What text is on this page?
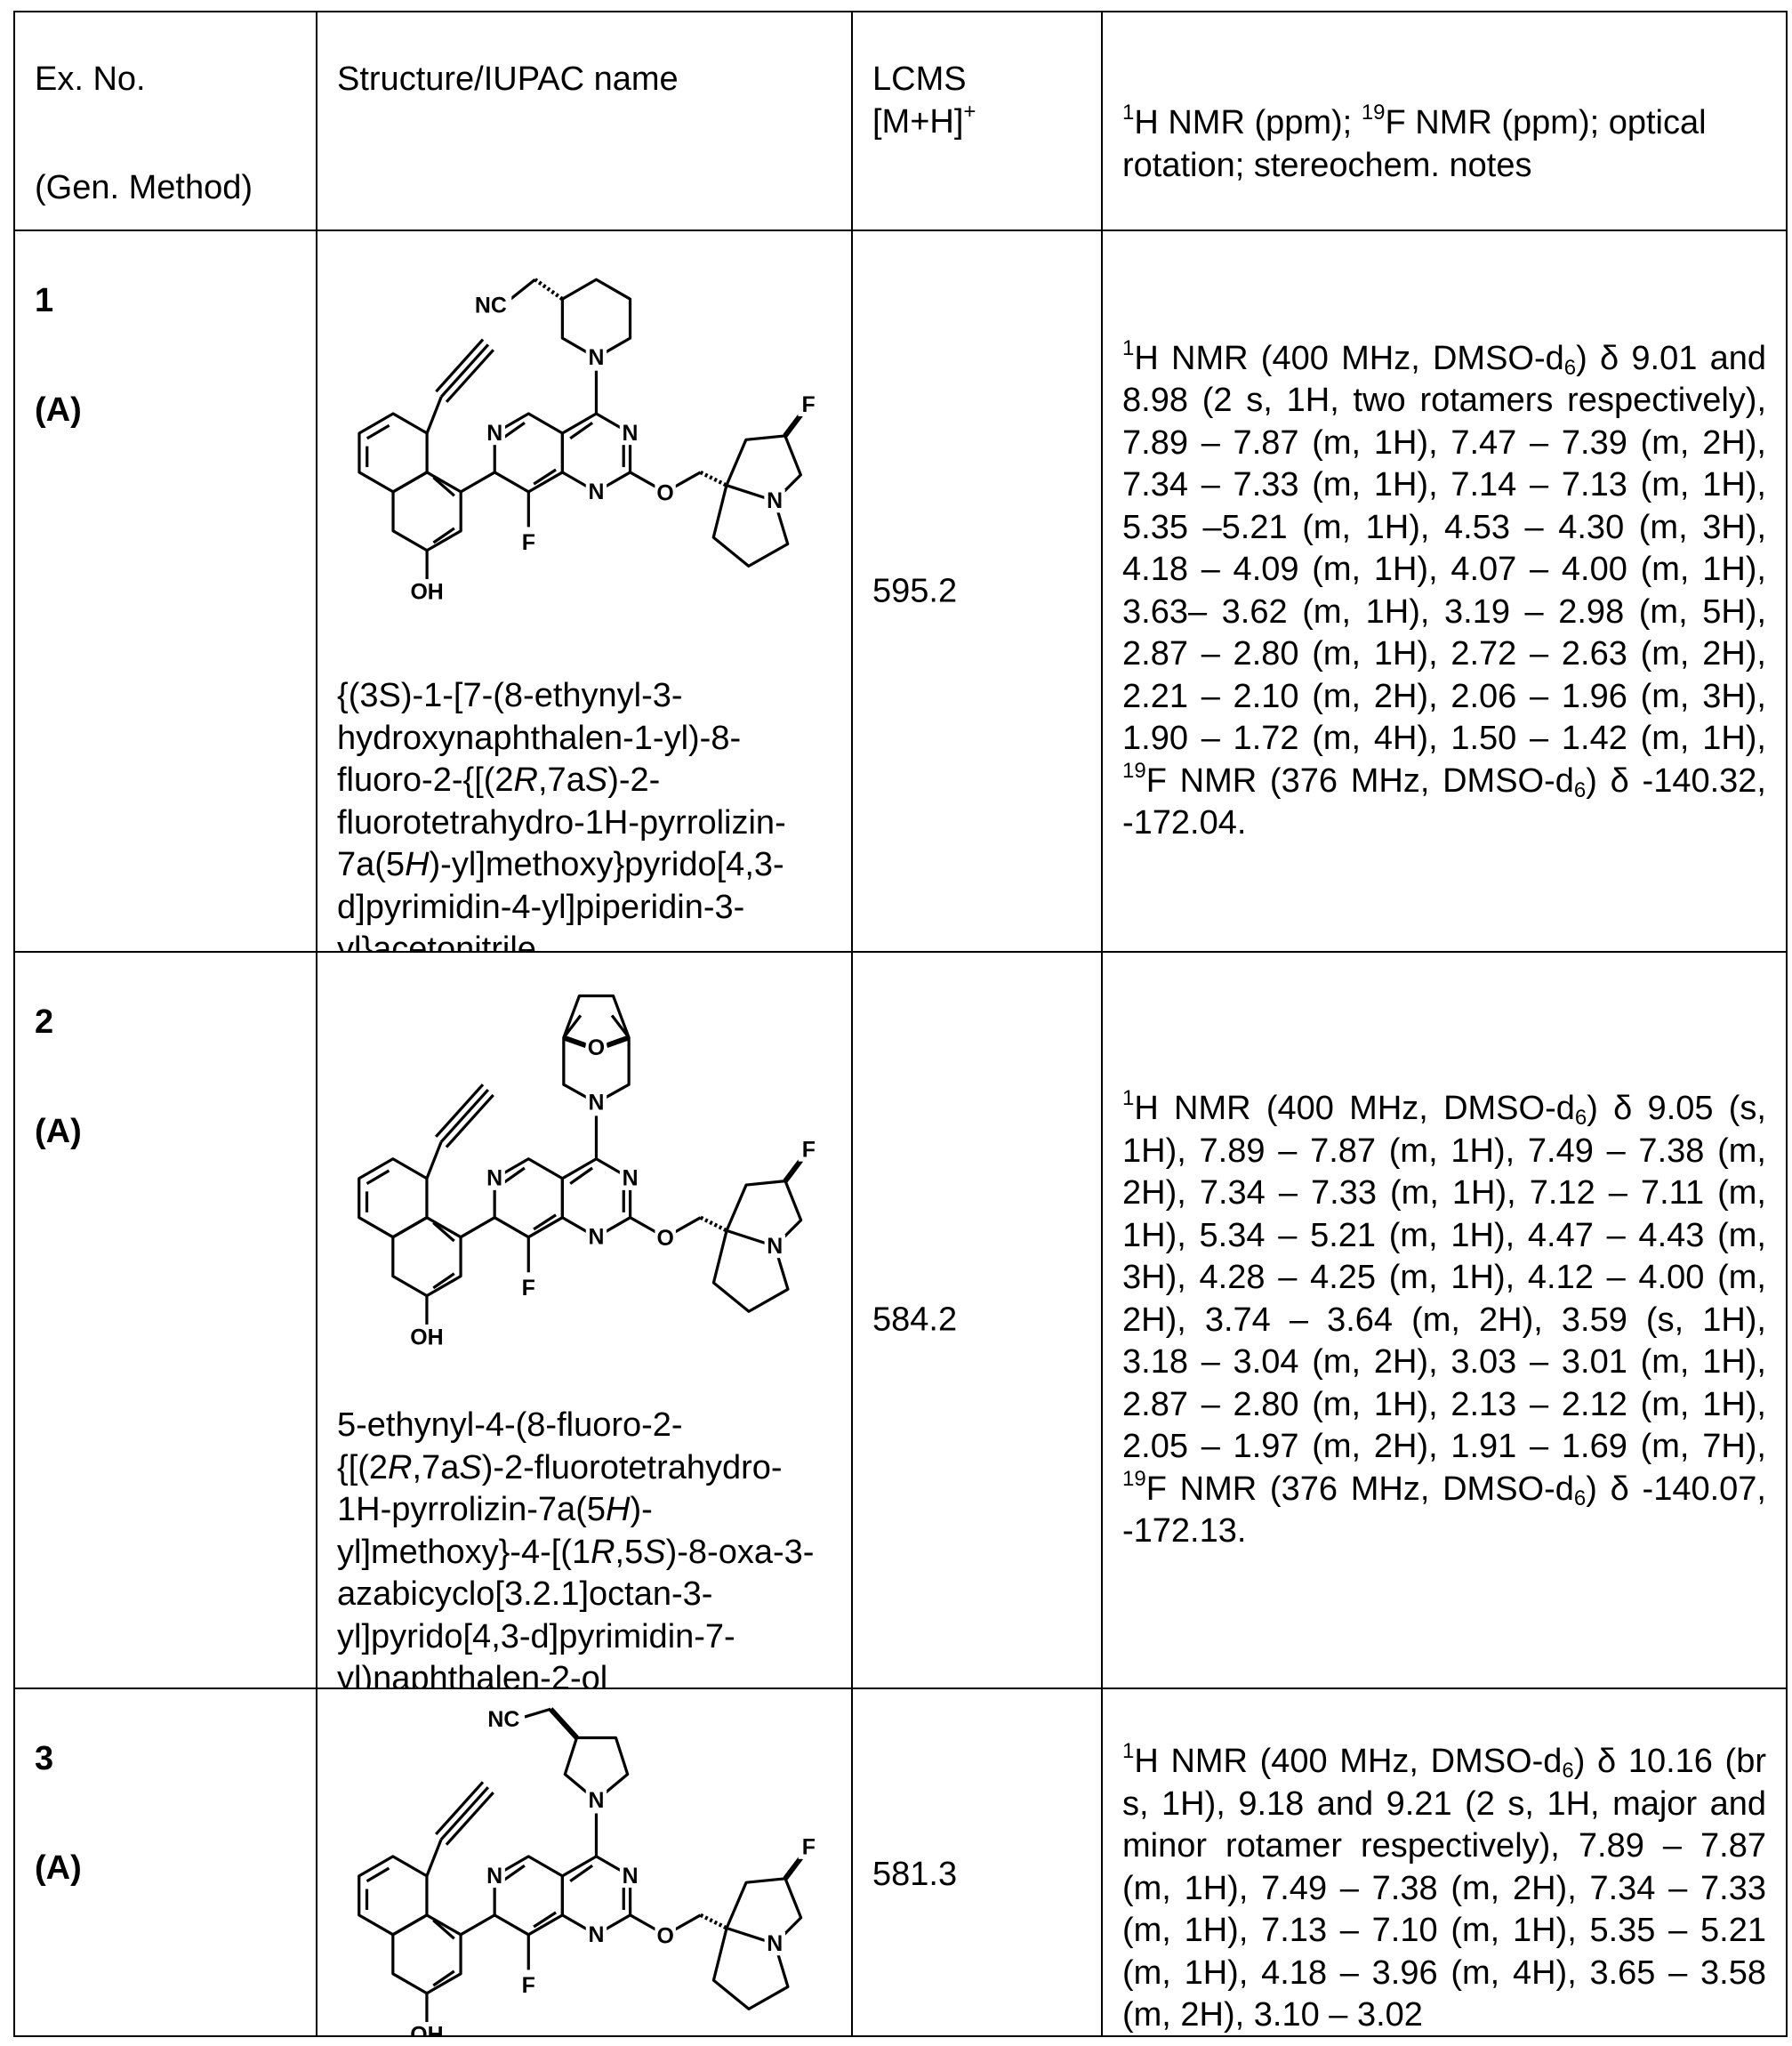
Ex. No.
(Gen. Method)

Structure/IUPAC name	LCMS
[M+H]+	1H NMR (ppm); 19F NMR (ppm); optical rotation; stereochem. notes

1
(A)

NC
N
N	N
N	O
F
OH
F
N
{(3S)-1-[7-(8-ethynyl-3-hydroxynaphthalen-1-yl)-8-fluoro-2-{[(2R,7aS)-2-fluorotetrahydro-1H-pyrrolizin-7a(5H)-yl]methoxy}pyrido[4,3-d]pyrimidin-4-yl]piperidin-3-yl}acetonitrile

595.2

1H NMR (400 MHz, DMSO-d6) δ 9.01 and 8.98 (2 s, 1H, two rotamers respectively), 7.89 – 7.87 (m, 1H), 7.47 – 7.39 (m, 2H), 7.34 – 7.33 (m, 1H), 7.14 – 7.13 (m, 1H), 5.35 –5.21 (m, 1H), 4.53 – 4.30 (m, 3H), 4.18 – 4.09 (m, 1H), 4.07 – 4.00 (m, 1H), 3.63– 3.62 (m, 1H), 3.19 – 2.98 (m, 5H), 2.87 – 2.80 (m, 1H), 2.72 – 2.63 (m, 2H), 2.21 – 2.10 (m, 2H), 2.06 – 1.96 (m, 3H), 1.90 – 1.72 (m, 4H), 1.50 – 1.42 (m, 1H), 19F NMR (376 MHz, DMSO-d6) δ -140.32, -172.04.

2
(A)

O
N
N	N
N	O
F
OH
F
N
5-ethynyl-4-(8-fluoro-2-{[(2R,7aS)-2-fluorotetrahydro-1H-pyrrolizin-7a(5H)-yl]methoxy}-4-[(1R,5S)-8-oxa-3-azabicyclo[3.2.1]octan-3-yl]pyrido[4,3-d]pyrimidin-7-yl)naphthalen-2-ol

584.2

1H NMR (400 MHz, DMSO-d6) δ 9.05 (s, 1H), 7.89 – 7.87 (m, 1H), 7.49 – 7.38 (m, 2H), 7.34 – 7.33 (m, 1H), 7.12 – 7.11 (m, 1H), 5.34 – 5.21 (m, 1H), 4.47 – 4.43 (m, 3H), 4.28 – 4.25 (m, 1H), 4.12 – 4.00 (m, 2H), 3.74 – 3.64 (m, 2H), 3.59 (s, 1H), 3.18 – 3.04 (m, 2H), 3.03 – 3.01 (m, 1H), 2.87 – 2.80 (m, 1H), 2.13 – 2.12 (m, 1H), 2.05 – 1.97 (m, 2H), 1.91 – 1.69 (m, 7H), 19F NMR (376 MHz, DMSO-d6) δ -140.07, -172.13.

3
(A)

NC
N
N	N
N	O
F
OH
F
N

581.3

1H NMR (400 MHz, DMSO-d6) δ 10.16 (br s, 1H), 9.18 and 9.21 (2 s, 1H, major and minor rotamer respectively), 7.89 – 7.87 (m, 1H), 7.49 – 7.38 (m, 2H), 7.34 – 7.33 (m, 1H), 7.13 – 7.10 (m, 1H), 5.35 – 5.21 (m, 1H), 4.18 – 3.96 (m, 4H), 3.65 – 3.58 (m, 2H), 3.10 – 3.02
